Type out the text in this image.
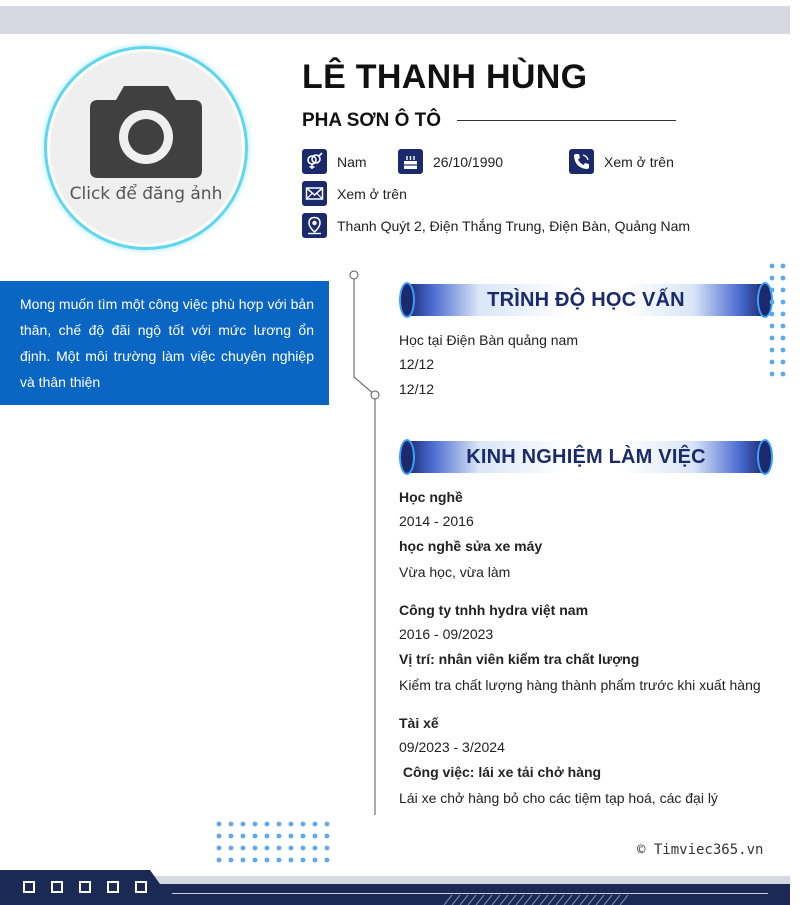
Click để đăng ảnh
LÊ THANH HÙNG
PHA SƠN Ô TÔ
Nam	26/10/1990	Xem ở trên
Xem ở trên
Thanh Quýt 2, Điện Thắng Trung, Điện Bàn, Quảng Nam
Mong muốn tìm một công việc phù hợp với bản thân, chế độ đãi ngộ tốt với mức lương ổn định. Một môi trường làm việc chuyên nghiệp và thân thiện
TRÌNH ĐỘ HỌC VẤN
Học tại Điện Bàn quảng nam
12/12
12/12
KINH NGHIỆM LÀM VIỆC
Học nghề
2014 - 2016
học nghề sửa xe máy
Vừa học, vừa làm
Công ty tnhh hydra việt nam
2016 - 09/2023
Vị trí: nhân viên kiểm tra chất lượng
Kiểm tra chất lượng hàng thành phẩm trước khi xuất hàng
Tài xế
09/2023 - 3/2024
Công việc: lái xe tải chở hàng
Lái xe chở hàng bỏ cho các tiệm tạp hoá, các đại lý
© Timviec365.vn
